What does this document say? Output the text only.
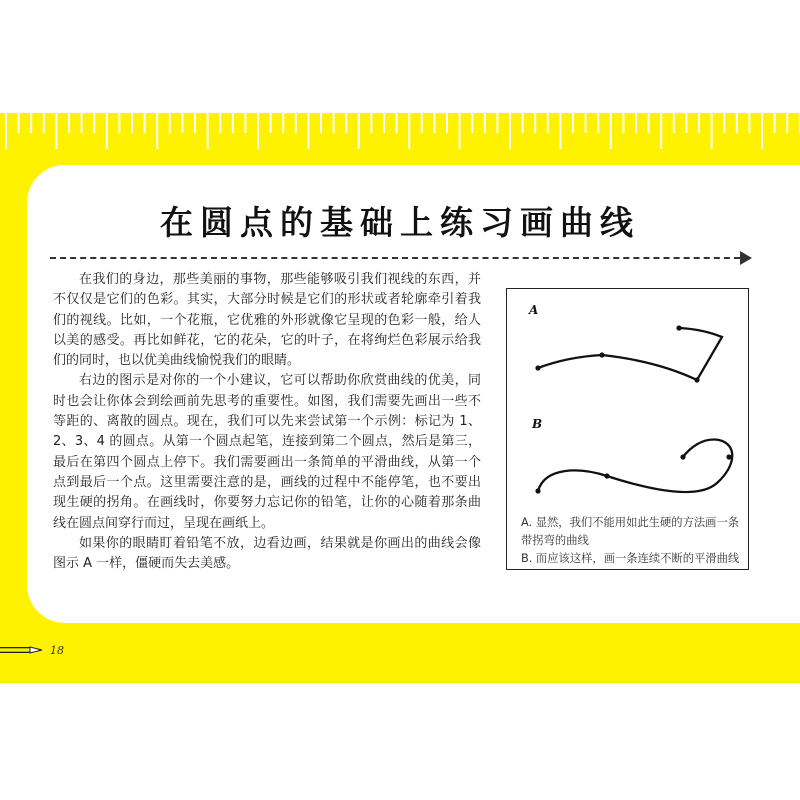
在圆点的基础上练习画曲线

在我们的身边，那些美丽的事物，那些能够吸引我们视线的东西，并不仅仅是它们的色彩。其实，大部分时候是它们的形状或者轮廓牵引着我们的视线。比如，一个花瓶，它优雅的外形就像它呈现的色彩一般，给人以美的感受。再比如鲜花，它的花朵，它的叶子，在将绚烂色彩展示给我们的同时，也以优美曲线愉悦我们的眼睛。

右边的图示是对你的一个小建议，它可以帮助你欣赏曲线的优美，同时也会让你体会到绘画前先思考的重要性。如图，我们需要先画出一些不等距的、离散的圆点。现在，我们可以先来尝试第一个示例：标记为 1、2、3、4 的圆点。从第一个圆点起笔，连接到第二个圆点，然后是第三，最后在第四个圆点上停下。我们需要画出一条简单的平滑曲线，从第一个点到最后一个点。这里需要注意的是，画线的过程中不能停笔，也不要出现生硬的拐角。在画线时，你要努力忘记你的铅笔，让你的心随着那条曲线在圆点间穿行而过，呈现在画纸上。

如果你的眼睛盯着铅笔不放，边看边画，结果就是你画出的曲线会像图示 A 一样，僵硬而失去美感。

A
B
A. 显然，我们不能用如此生硬的方法画一条带拐弯的曲线
B. 而应该这样，画一条连续不断的平滑曲线
18
